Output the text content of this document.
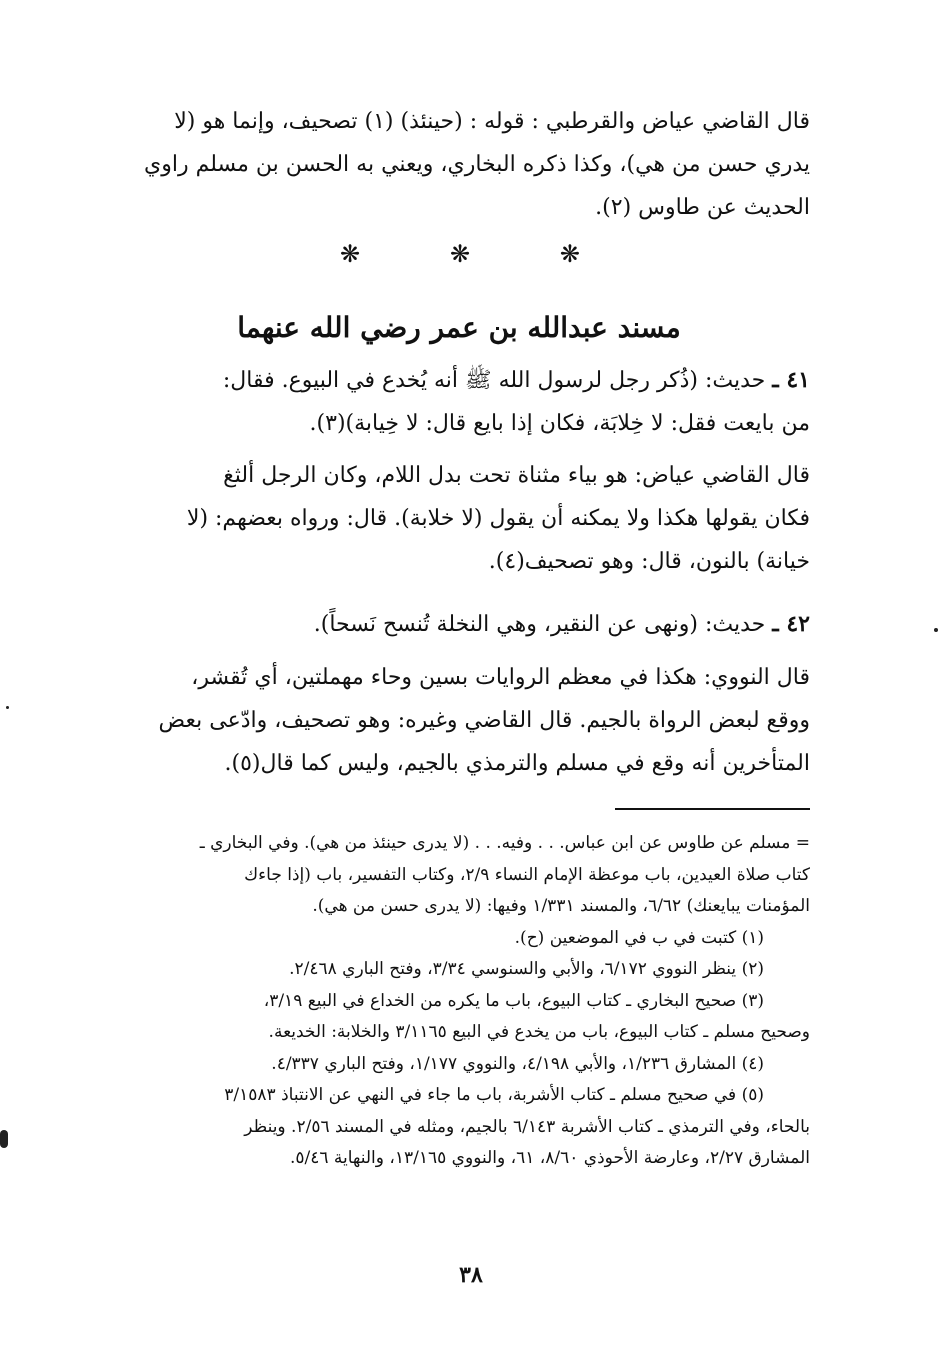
قال القاضي عياض والقرطبي : قوله : (حينئذ) (١) تصحيف، وإنما هو (لا
يدري حسن من هي)، وكذا ذكره البخاري، ويعني به الحسن بن مسلم راوي
الحديث عن طاوس (٢).
❋	❋	❋
مسند عبدالله بن عمر رضي الله عنهما
٤١ ـ حديث: (ذُكر رجل لرسول الله ﷺ أنه يُخدع في البيوع. فقال:
من بايعت فقل: لا خِلابَة، فكان إذا بايع قال: لا خِيابة)(٣).
قال القاضي عياض: هو بياء مثناة تحت بدل اللام، وكان الرجل ألثغ
فكان يقولها هكذا ولا يمكنه أن يقول (لا خلابة). قال: ورواه بعضهم: (لا
خيانة) بالنون، قال: وهو تصحيف(٤).
٤٢ ـ حديث: (ونهى عن النقير، وهي النخلة تُنسح نَسحاً).
قال النووي: هكذا في معظم الروايات بسين وحاء مهملتين، أي تُقشر،
ووقع لبعض الرواة بالجيم. قال القاضي وغيره: وهو تصحيف، وادّعى بعض
المتأخرين أنه وقع في مسلم والترمذي بالجيم، وليس كما قال(٥).
= مسلم عن طاوس عن ابن عباس. . . وفيه. . . (لا يدرى حينئذ من هي). وفي البخاري ـ
كتاب صلاة العيدين، باب موعظة الإمام النساء ٢/٩، وكتاب التفسير، باب (إذا جاءك
المؤمنات يبايعنك) ٦/٦٢، والمسند ١/٣٣١ وفيها: (لا يدرى حسن من هي).
(١) كتبت في ب في الموضعين (ح).
(٢) ينظر النووي ٦/١٧٢، والأبي والسنوسي ٣/٣٤، وفتح الباري ٢/٤٦٨.
(٣) صحيح البخاري ـ كتاب البيوع، باب ما يكره من الخداع في البيع ٣/١٩،
وصحيح مسلم ـ كتاب البيوع، باب من يخدع في البيع ٣/١١٦٥ والخلابة: الخديعة.
(٤) المشارق ١/٢٣٦، والأبي ٤/١٩٨، والنووي ١/١٧٧، وفتح الباري ٤/٣٣٧.
(٥) في صحيح مسلم ـ كتاب الأشربة، باب ما جاء في النهي عن الانتباذ ٣/١٥٨٣
بالحاء، وفي الترمذي ـ كتاب الأشربة ٦/١٤٣ بالجيم، ومثله في المسند ٢/٥٦. وينظر
المشارق ٢/٢٧، وعارضة الأحوذي ٨/٦٠، ٦١، والنووي ١٣/١٦٥، والنهاية ٥/٤٦.
٣٨
